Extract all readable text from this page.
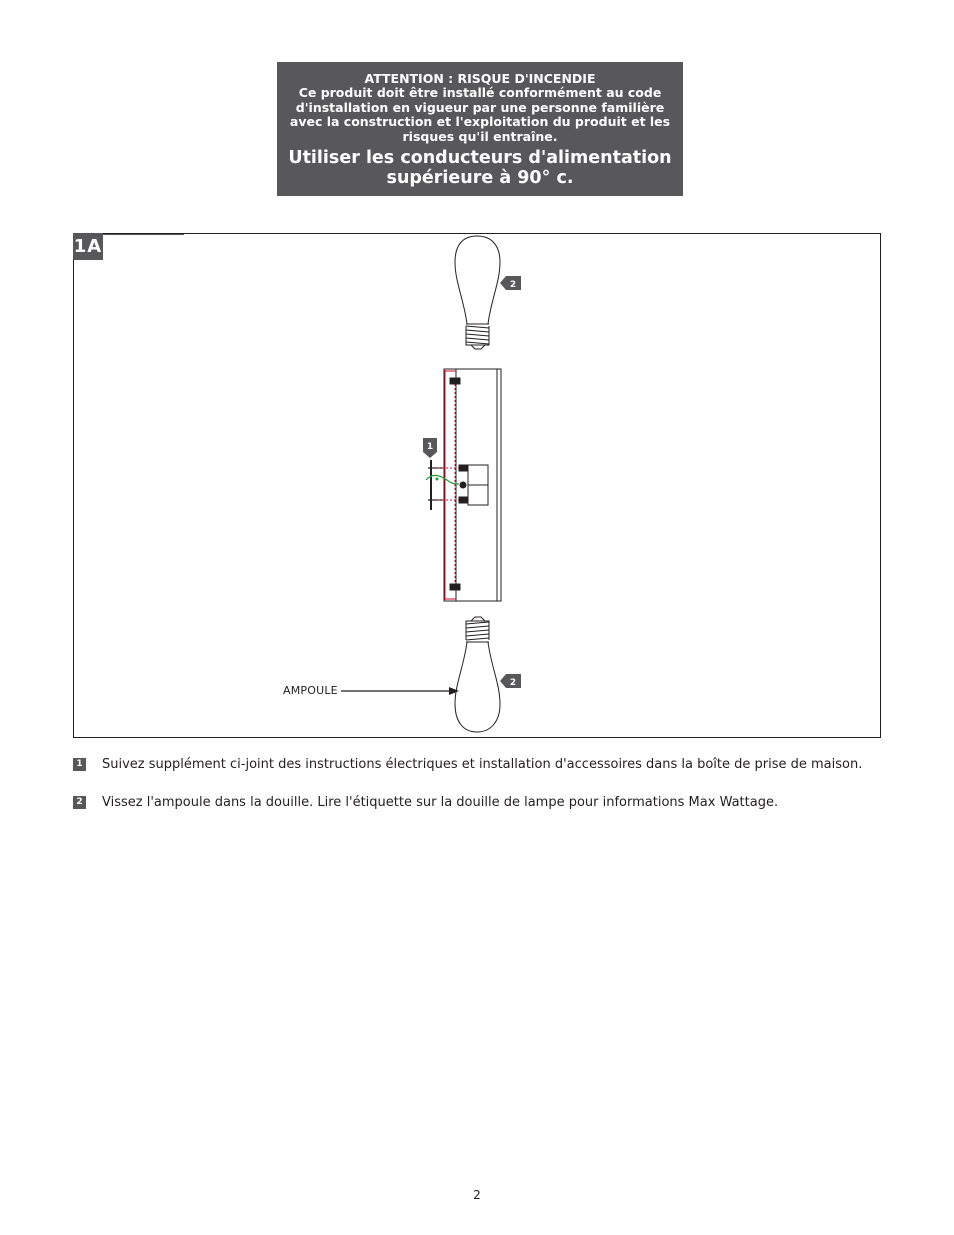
ATTENTION : RISQUE D'INCENDIE
Ce produit doit être installé conformément au code d'installation en vigueur par une personne familière avec la construction et l'exploitation du produit et les risques qu'il entraîne.
Utiliser les conducteurs d'alimentation supérieure à 90° c.
1A
2
1
2
AMPOULE
1 Suivez supplément ci-joint des instructions électriques et installation d'accessoires dans la boîte de prise de maison.
2 Vissez l'ampoule dans la douille. Lire l'étiquette sur la douille de lampe pour informations Max Wattage.
2
